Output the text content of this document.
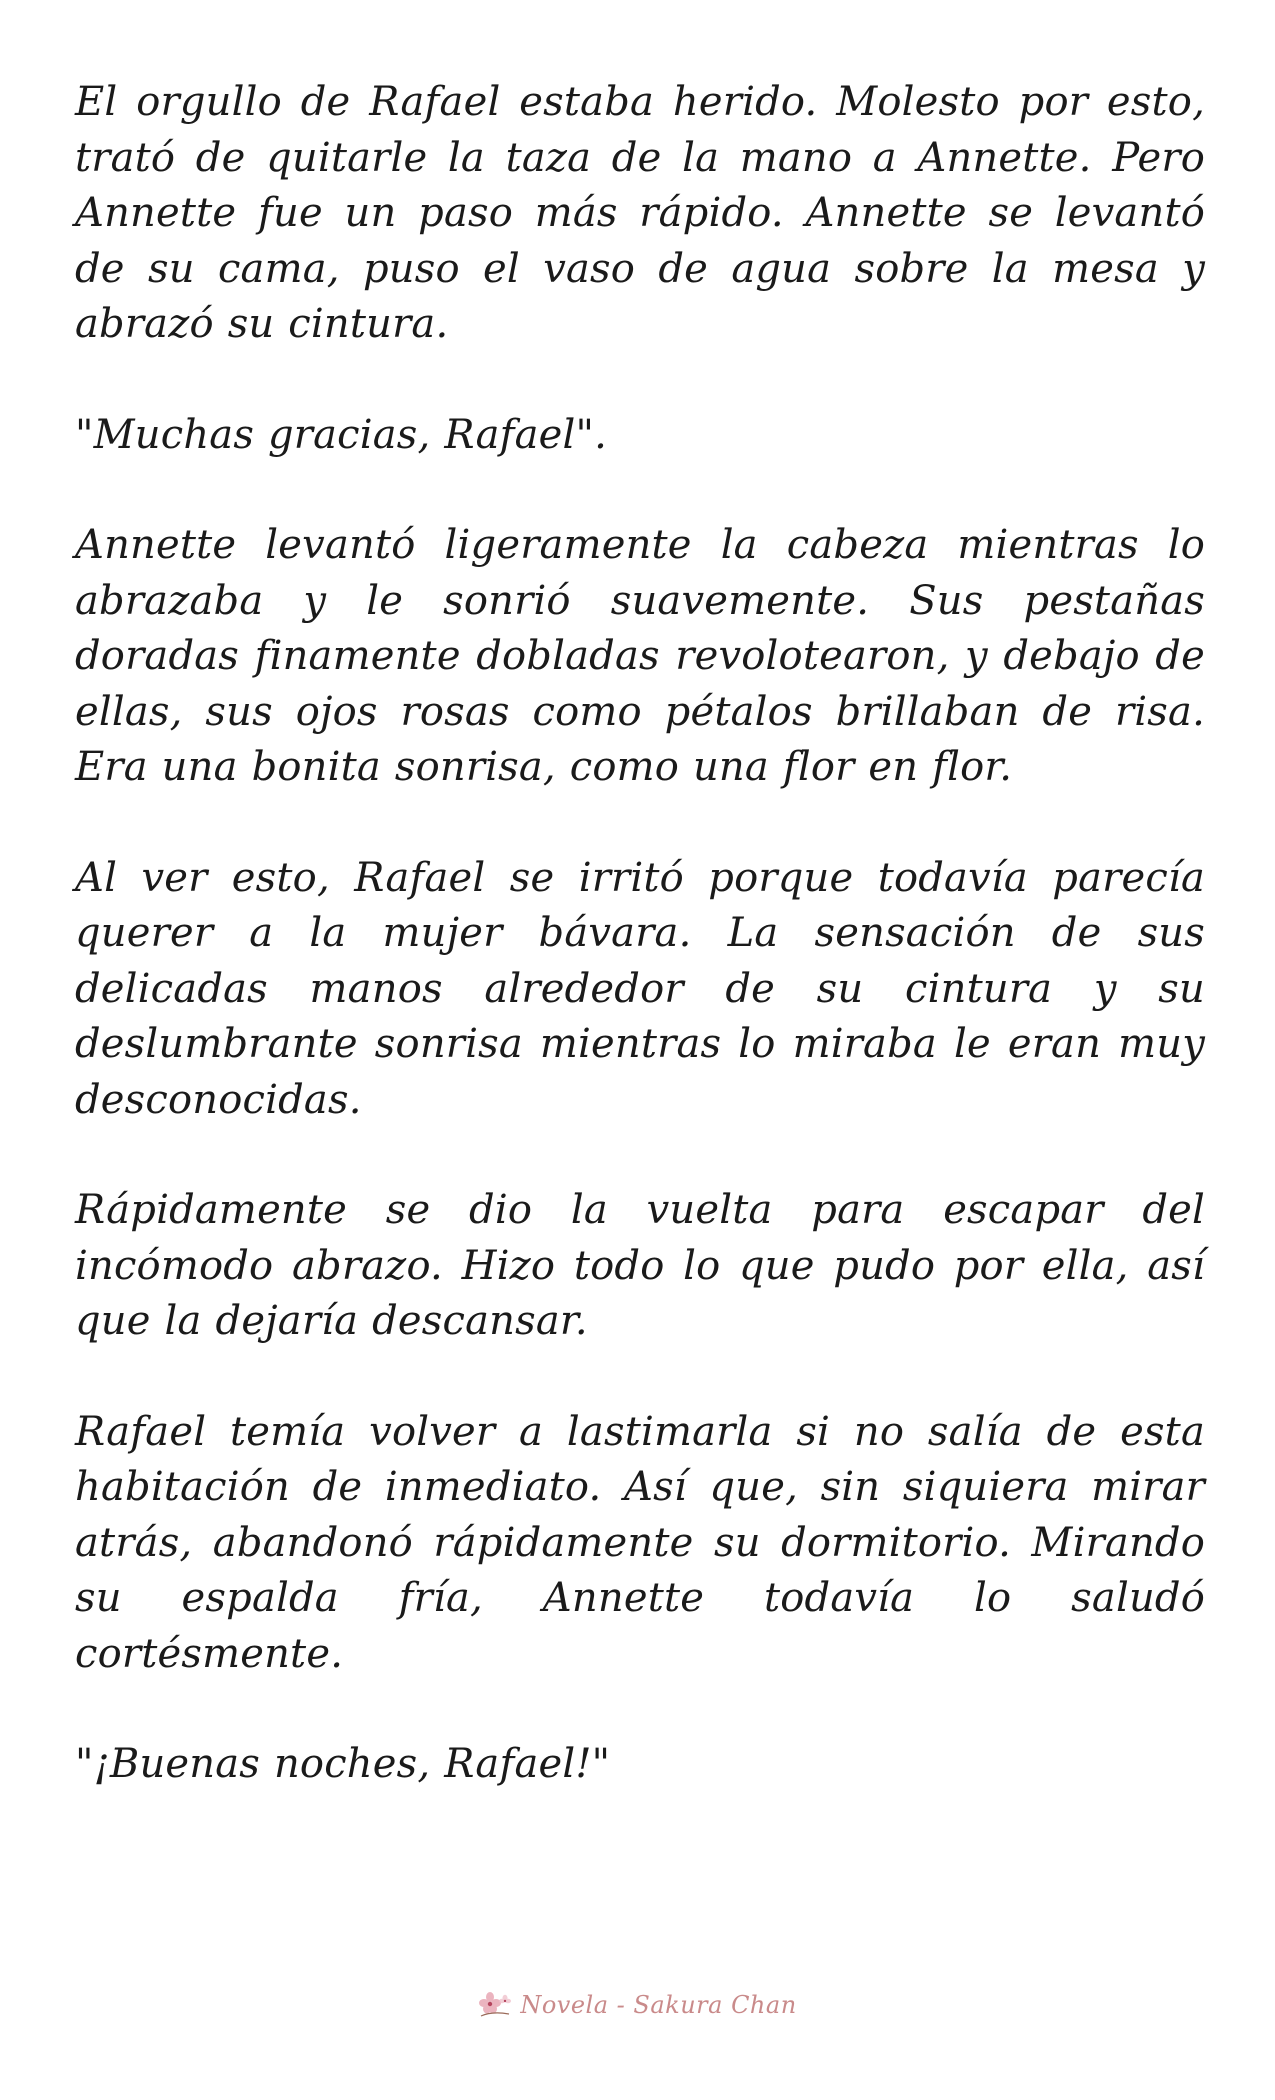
El orgullo de Rafael estaba herido. Molesto por esto, trató de quitarle la taza de la mano a Annette. Pero Annette fue un paso más rápido. Annette se levantó de su cama, puso el vaso de agua sobre la mesa y abrazó su cintura.

"Muchas gracias, Rafael".

Annette levantó ligeramente la cabeza mientras lo abrazaba y le sonrió suavemente. Sus pestañas doradas finamente dobladas revolotearon, y debajo de ellas, sus ojos rosas como pétalos brillaban de risa. Era una bonita sonrisa, como una flor en flor.

Al ver esto, Rafael se irritó porque todavía parecía querer a la mujer bávara. La sensación de sus delicadas manos alrededor de su cintura y su deslumbrante sonrisa mientras lo miraba le eran muy desconocidas.

Rápidamente se dio la vuelta para escapar del incómodo abrazo. Hizo todo lo que pudo por ella, así que la dejaría descansar.

Rafael temía volver a lastimarla si no salía de esta habitación de inmediato. Así que, sin siquiera mirar atrás, abandonó rápidamente su dormitorio. Mirando su espalda fría, Annette todavía lo saludó cortésmente.

"¡Buenas noches, Rafael!"

Novela - Sakura Chan
